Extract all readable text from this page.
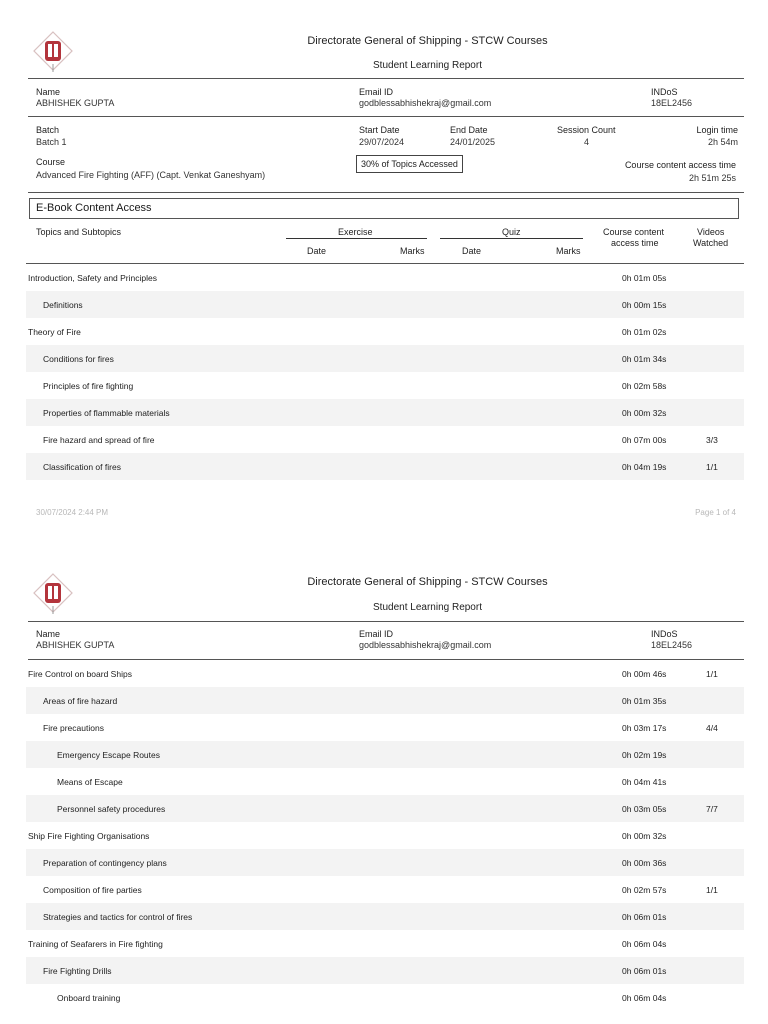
Directorate General of Shipping - STCW Courses
Student Learning Report
Name
ABHISHEK GUPTA
Email ID
godblessabhishekraj@gmail.com
INDoS
18EL2456
Batch
Batch 1
Start Date
29/07/2024
End Date
24/01/2025
Session Count
4
Login time
2h 54m
Course
Advanced Fire Fighting (AFF) (Capt. Venkat Ganeshyam)
30% of Topics Accessed	Course content access time
2h 51m 25s
E-Book Content Access
Topics and Subtopics	Exercise	Quiz
Date	Marks	Date	Marks
Course content
access time
Videos
Watched
Introduction, Safety and Principles	0h 01m 05s
Definitions	0h 00m 15s
Theory of Fire	0h 01m 02s
Conditions for fires	0h 01m 34s
Principles of fire fighting	0h 02m 58s
Properties of flammable materials	0h 00m 32s
Fire hazard and spread of fire	0h 07m 00s	3/3
Classification of fires	0h 04m 19s	1/1
30/07/2024 2:44 PM	Page 1 of 4
Directorate General of Shipping - STCW Courses
Student Learning Report
Name
ABHISHEK GUPTA
Email ID
godblessabhishekraj@gmail.com
INDoS
18EL2456
Fire Control on board Ships	0h 00m 46s	1/1
Areas of fire hazard	0h 01m 35s
Fire precautions	0h 03m 17s	4/4
Emergency Escape Routes	0h 02m 19s
Means of Escape	0h 04m 41s
Personnel safety procedures	0h 03m 05s	7/7
Ship Fire Fighting Organisations	0h 00m 32s
Preparation of contingency plans	0h 00m 36s
Composition of fire parties	0h 02m 57s	1/1
Strategies and tactics for control of fires	0h 06m 01s
Training of Seafarers in Fire fighting	0h 06m 04s
Fire Fighting Drills	0h 06m 01s
Onboard training	0h 06m 04s
